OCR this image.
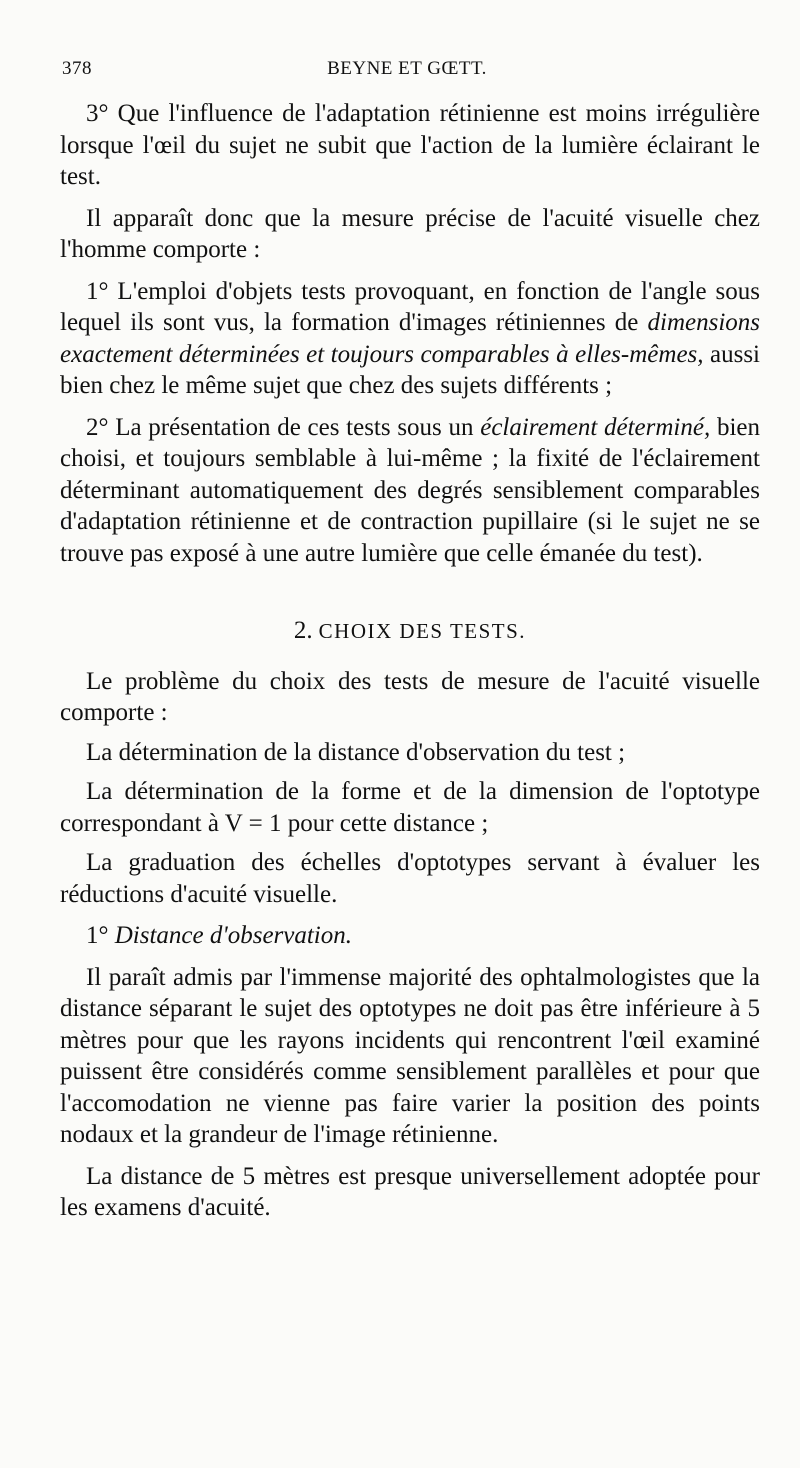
378	BEYNE ET GŒTT.

3° Que l'influence de l'adaptation rétinienne est moins irrégulière lorsque l'œil du sujet ne subit que l'action de la lumière éclairant le test.

Il apparaît donc que la mesure précise de l'acuité visuelle chez l'homme comporte :

1° L'emploi d'objets tests provoquant, en fonction de l'angle sous lequel ils sont vus, la formation d'images rétiniennes de dimensions exactement déterminées et toujours comparables à elles-mêmes, aussi bien chez le même sujet que chez des sujets différents ;

2° La présentation de ces tests sous un éclairement déterminé, bien choisi, et toujours semblable à lui-même ; la fixité de l'éclairement déterminant automatiquement des degrés sensiblement comparables d'adaptation rétinienne et de contraction pupillaire (si le sujet ne se trouve pas exposé à une autre lumière que celle émanée du test).

2. CHOIX DES TESTS.

Le problème du choix des tests de mesure de l'acuité visuelle comporte :

La détermination de la distance d'observation du test ;

La détermination de la forme et de la dimension de l'optotype correspondant à V = 1 pour cette distance ;

La graduation des échelles d'optotypes servant à évaluer les réductions d'acuité visuelle.

1° Distance d'observation.

Il paraît admis par l'immense majorité des ophtalmologistes que la distance séparant le sujet des optotypes ne doit pas être inférieure à 5 mètres pour que les rayons incidents qui rencontrent l'œil examiné puissent être considérés comme sensiblement parallèles et pour que l'accomodation ne vienne pas faire varier la position des points nodaux et la grandeur de l'image rétinienne.

La distance de 5 mètres est presque universellement adoptée pour les examens d'acuité.
